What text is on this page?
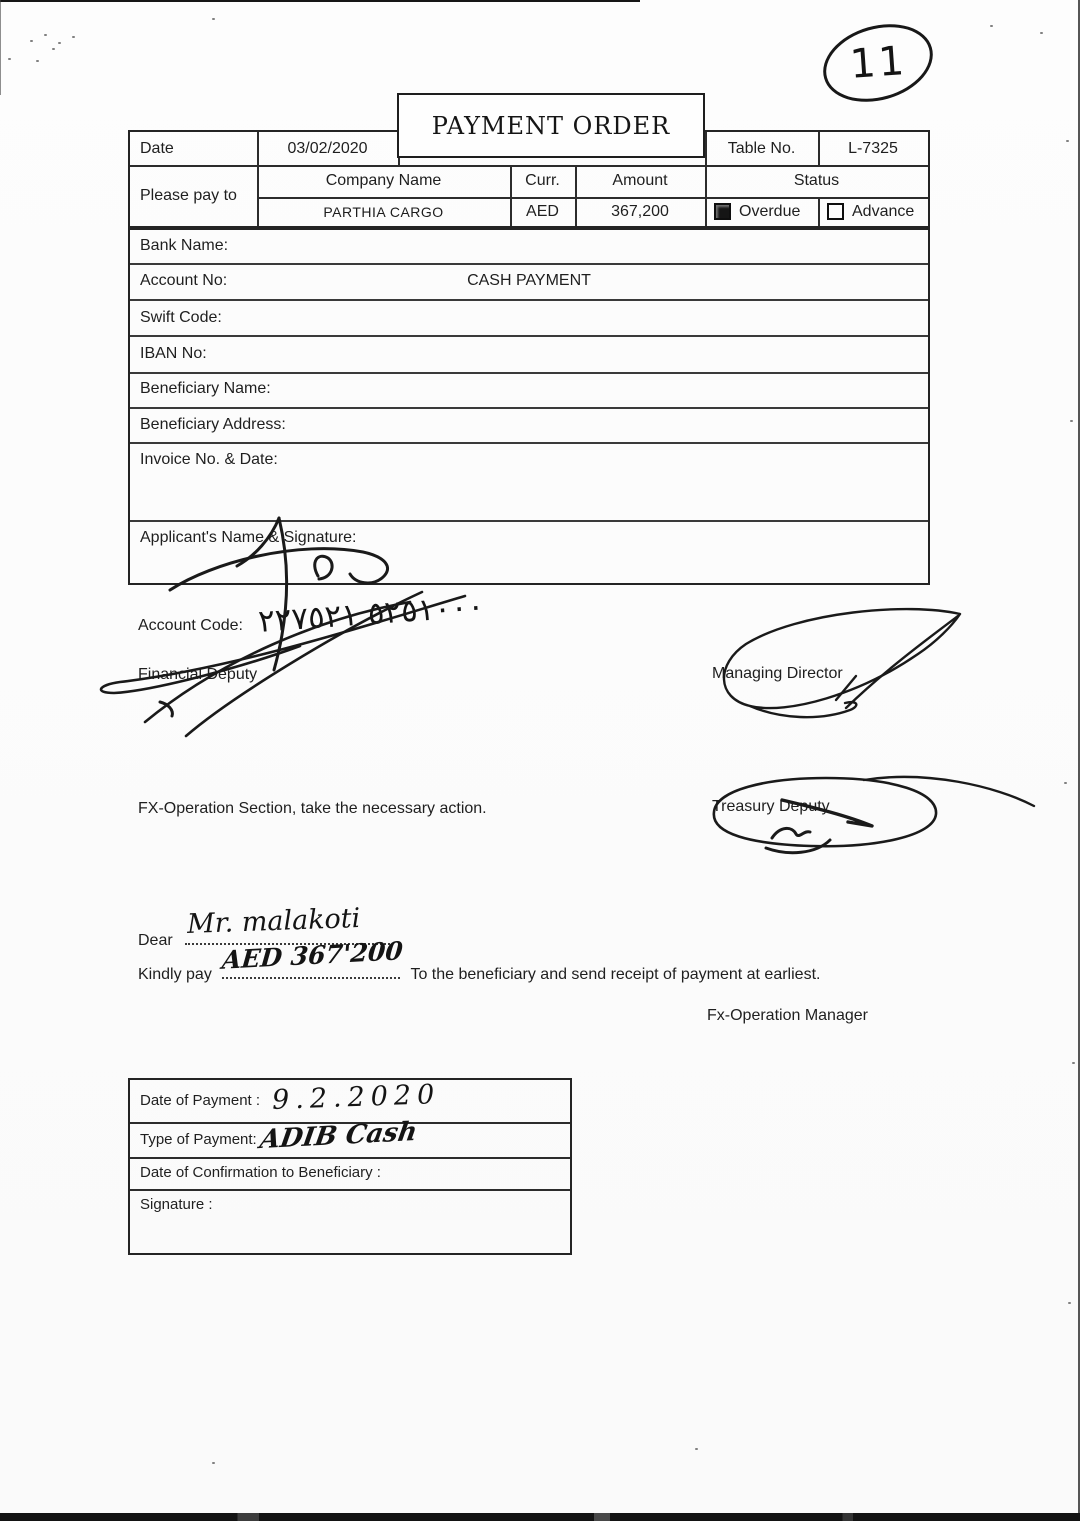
11
PAYMENT ORDER
Date	03/02/2020	Table No.	L-7325
Please pay to
Company Name	Curr.	Amount	Status
PARTHIA CARGO	AED	367,200	Overdue	Advance
Bank Name:
Account No:	CASH PAYMENT
Swift Code:
IBAN No:
Beneficiary Name:
Beneficiary Address:
Invoice No. & Date:
Applicant's Name & Signature:
Account Code: ٥٢٥١٠٠٠ ٢٢٧٥٢١
Financial Deputy	Managing Director
FX-Operation Section, take the necessary action.	Treasury Deputy
Dear
Mr. malakoti
Kindly pay AED 367'200 To the beneficiary and send receipt of payment at earliest.
Fx-Operation Manager
Date of Payment : 9.2.2020
Type of Payment: ADIB Cash
Date of Confirmation to Beneficiary :
Signature :
